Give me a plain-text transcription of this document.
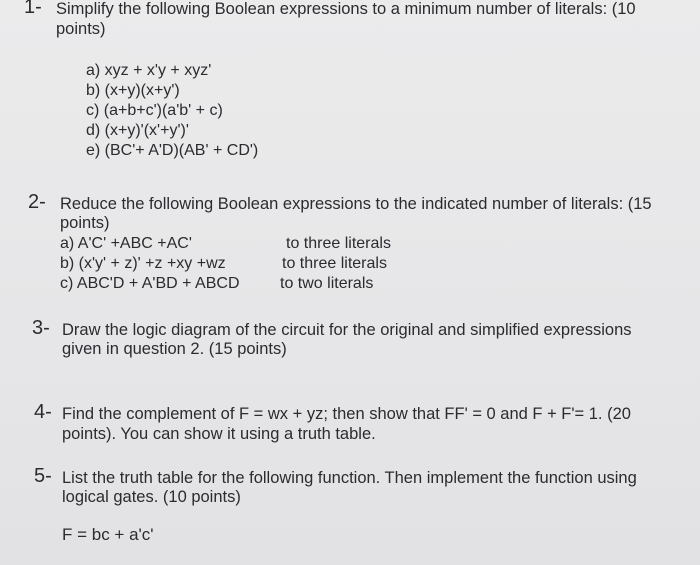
1- Simplify the following Boolean expressions to a minimum number of literals: (10
points)
a) xyz + x'y + xyz'
b) (x+y)(x+y')
c) (a+b+c')(a'b' + c)
d) (x+y)'(x'+y')'
e) (BC'+ A'D)(AB' + CD')
2- Reduce the following Boolean expressions to the indicated number of literals: (15
points)
a) A'C' +ABC +AC'	to three literals
b) (x'y' + z)' +z +xy +wz	to three literals
c) ABC'D + A'BD + ABCD	to two literals
3- Draw the logic diagram of the circuit for the original and simplified expressions
given in question 2. (15 points)
4- Find the complement of F = wx + yz; then show that FF' = 0 and F + F'= 1. (20
points). You can show it using a truth table.
5- List the truth table for the following function. Then implement the function using
logical gates. (10 points)
F = bc + a'c'
